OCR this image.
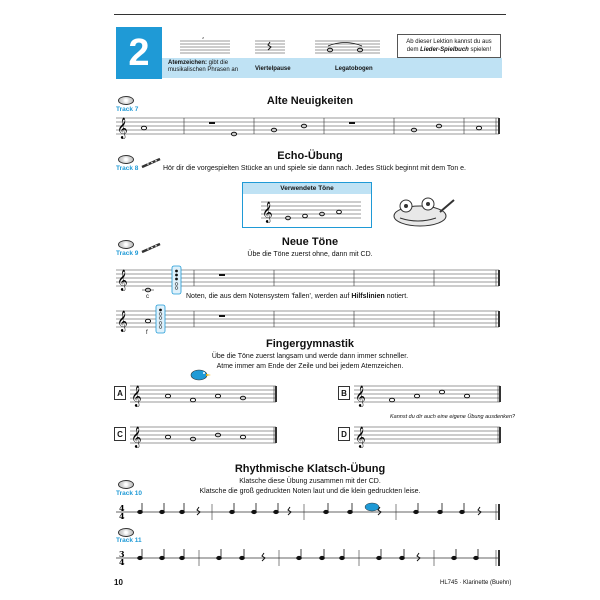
2	,
Atemzeichen: gibt die musikalischen Phrasen an	Viertelpause	Legatobogen
Ab dieser Lektion kannst du aus
dem Lieder-Spielbuch spielen!
Alte Neuigkeiten
Track 7
𝄞
Echo-Übung
Track 8	Hör dir die vorgespielten Stücke an und spiele sie dann nach. Jedes Stück beginnt mit dem Ton e.
Verwendete Töne
𝄞
Neue Töne
Übe die Töne zuerst ohne, dann mit CD.
Track 9
𝄞
c	Noten, die aus dem Notensystem 'fallen', werden auf Hilfslinien notiert.
𝄞
f
Fingergymnastik
Übe die Töne zuerst langsam und werde dann immer schneller.
Atme immer am Ende der Zeile und bei jedem Atemzeichen.
A 𝄞	B 𝄞
C 𝄞	D
Kannst du dir auch eine eigene Übung ausdenken?
𝄞
Rhythmische Klatsch-Übung
Klatsche diese Übung zusammen mit der CD.
Klatsche die groß gedruckten Noten laut und die klein gedruckten leise.
Track 10
4
4
Track 11
3
4
10	HL745 · Klarinette (Buehn)
